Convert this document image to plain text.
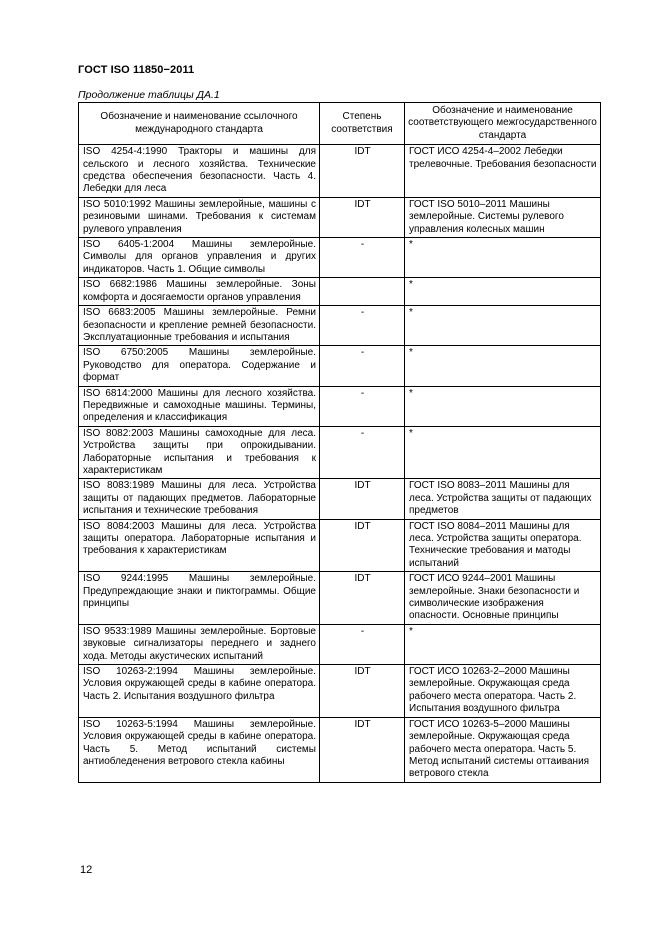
ГОСТ ISO 11850−2011
Продолжение таблицы ДА.1
Обозначение и наименование ссылочного международного стандарта	Степень соответствия	Обозначение и наименование соответствующего межгосударственного стандарта
ISO 4254-4:1990 Тракторы и машины для сельского и лесного хозяйства. Технические средства обеспечения безопасности. Часть 4. Лебедки для леса	IDT	ГОСТ ИСО 4254-4–2002 Лебедки трелевочные. Требования безопасности
ISO 5010:1992 Машины землеройные, машины с резиновыми шинами. Требования к системам рулевого управления	IDT	ГОСТ ISO 5010–2011 Машины землеройные. Системы рулевого управления колесных машин
ISO 6405-1:2004 Машины землеройные. Символы для органов управления и других индикаторов. Часть 1. Общие символы	-	*
ISO 6682:1986 Машины землеройные. Зоны комфорта и досягаемости органов управления		*
ISO 6683:2005 Машины землеройные. Ремни безопасности и крепление ремней безопасности. Эксплуатационные требования и испытания	-	*
ISO 6750:2005 Машины землеройные. Руководство для оператора. Содержание и формат	-	*
ISO 6814:2000 Машины для лесного хозяйства. Передвижные и самоходные машины. Термины, определения и классификация	-	*
ISO 8082:2003 Машины самоходные для леса. Устройства защиты при опрокидывании. Лабораторные испытания и требования к характеристикам	-	*
ISO 8083:1989 Машины для леса. Устройства защиты от падающих предметов. Лабораторные испытания и технические требования	IDT	ГОСТ ISO 8083–2011 Машины для леса. Устройства защиты от падающих предметов
ISO 8084:2003 Машины для леса. Устройства защиты оператора. Лабораторные испытания и требования к характеристикам	IDT	ГОСТ ISO 8084–2011 Машины для леса. Устройства защиты оператора. Технические требования и матоды испытаний
ISO 9244:1995 Машины землеройные. Предупреждающие знаки и пиктограммы. Общие принципы	IDT	ГОСТ ИСО 9244–2001 Машины землеройные. Знаки безопасности и символические изображения опасности. Основные принципы
ISO 9533:1989 Машины землеройные. Бортовые звуковые сигнализаторы переднего и заднего хода. Методы акустических испытаний	-	*
ISO 10263-2:1994 Машины землеройные. Условия окружающей среды в кабине оператора. Часть 2. Испытания воздушного фильтра	IDT	ГОСТ ИСО 10263-2–2000 Машины землеройные. Окружающая среда рабочего места оператора. Часть 2. Испытания воздушного фильтра
ISO 10263-5:1994 Машины землеройные. Условия окружающей среды в кабине оператора. Часть 5. Метод испытаний системы антиобледенения ветрового стекла кабины	IDT	ГОСТ ИСО 10263-5–2000 Машины землеройные. Окружающая среда рабочего места оператора. Часть 5. Метод испытаний системы оттаивания ветрового стекла
12
